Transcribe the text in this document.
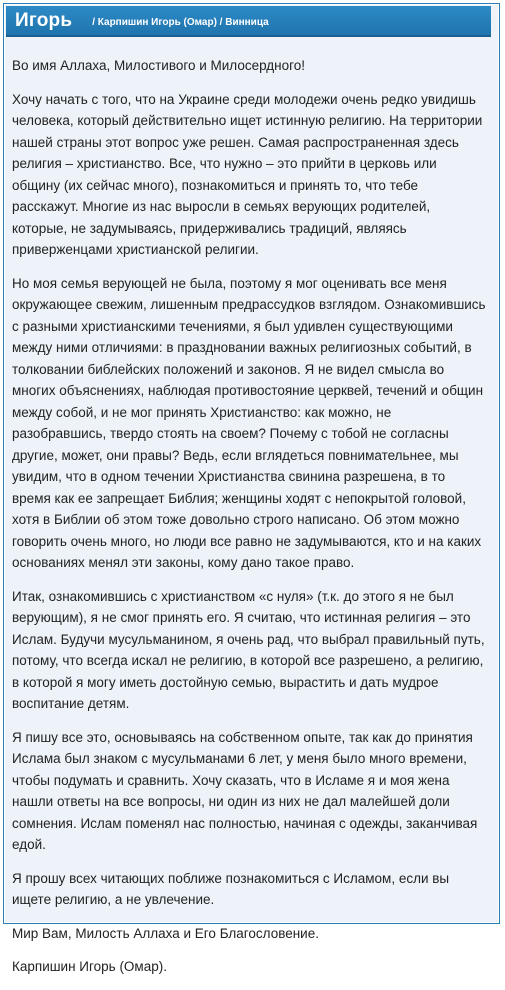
Игорь / Карпишин Игорь (Омар) / Винница

Во имя Аллаха, Милостивого и Милосердного!

Хочу начать с того, что на Украине среди молодежи очень редко увидишь человека, который действительно ищет истинную религию. На территории нашей страны этот вопрос уже решен. Самая распространенная здесь религия – христианство. Все, что нужно – это прийти в церковь или общину (их сейчас много), познакомиться и принять то, что тебе расскажут. Многие из нас выросли в семьях верующих родителей, которые, не задумываясь, придерживались традиций, являясь приверженцами христианской религии.

Но моя семья верующей не была, поэтому я мог оценивать все меня окружающее свежим, лишенным предрассудков взглядом. Ознакомившись с разными христианскими течениями, я был удивлен существующими между ними отличиями: в праздновании важных религиозных событий, в толковании библейских положений и законов. Я не видел смысла во многих объяснениях, наблюдая противостояние церквей, течений и общин между собой, и не мог принять Христианство: как можно, не разобравшись, твердо стоять на своем? Почему с тобой не согласны другие, может, они правы? Ведь, если вглядеться повнимательнее, мы увидим, что в одном течении Христианства свинина разрешена, в то время как ее запрещает Библия; женщины ходят с непокрытой головой, хотя в Библии об этом тоже довольно строго написано. Об этом можно говорить очень много, но люди все равно не задумываются, кто и на каких основаниях менял эти законы, кому дано такое право.

Итак, ознакомившись с христианством «с нуля» (т.к. до этого я не был верующим), я не смог принять его. Я считаю, что истинная религия – это Ислам. Будучи мусульманином, я очень рад, что выбрал правильный путь, потому, что всегда искал не религию, в которой все разрешено, а религию, в которой я могу иметь достойную семью, вырастить и дать мудрое воспитание детям.

Я пишу все это, основываясь на собственном опыте, так как до принятия Ислама был знаком с мусульманами 6 лет, у меня было много времени, чтобы подумать и сравнить. Хочу сказать, что в Исламе я и моя жена нашли ответы на все вопросы, ни один из них не дал малейшей доли сомнения. Ислам поменял нас полностью, начиная с одежды, заканчивая едой.

Я прошу всех читающих поближе познакомиться с Исламом, если вы ищете религию, а не увлечение.

Мир Вам, Милость Аллаха и Его Благословение.

Карпишин Игорь (Омар).
